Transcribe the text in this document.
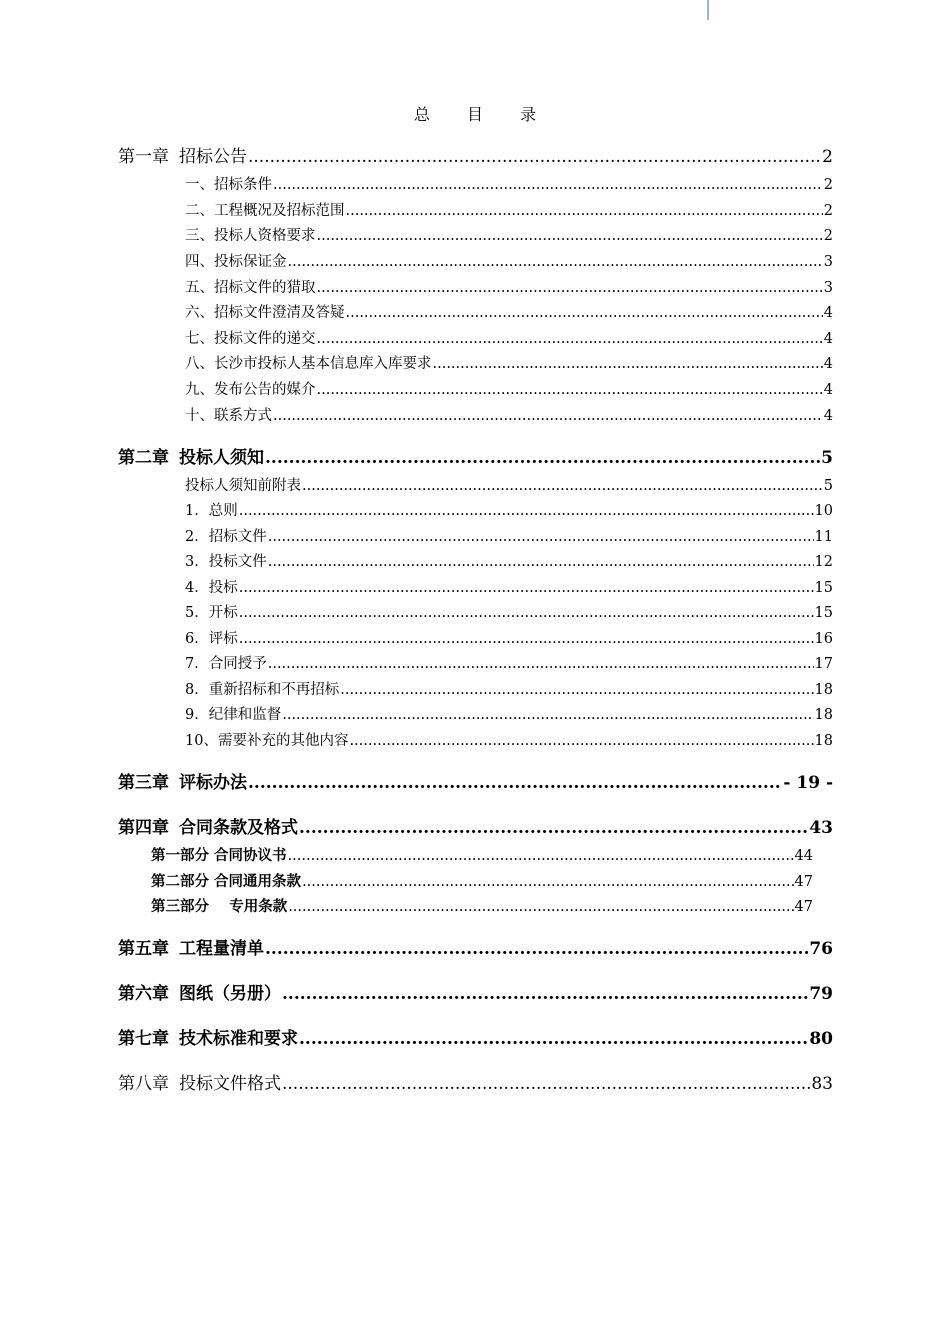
总 目 录
第一章 招标公告 .....	2
一、招标条件 .....	2
二、工程概况及招标范围 .....	2
三、投标人资格要求 .....	2
四、投标保证金 .....	3
五、招标文件的猎取 .....	3
六、招标文件澄清及答疑 .....	4
七、投标文件的递交 .....	4
八、长沙市投标人基本信息库入库要求 .....	4
九、发布公告的媒介 .....	4
十、联系方式 .....	4
第二章 投标人须知 .....	5
投标人须知前附表 .....	5
1．总则 .....	10
2．招标文件 .....	11
3．投标文件 .....	12
4．投标 .....	15
5．开标 .....	15
6．评标 .....	16
7．合同授予 .....	17
8．重新招标和不再招标 .....	18
9．纪律和监督 .....	18
10、需要补充的其他内容 .....	18
第三章 评标办法 .....	- 19 -
第四章 合同条款及格式 .....	43
第一部分 合同协议书 .....	44
第二部分 合同通用条款 .....	47
第三部分    专用条款 .....	47
第五章 工程量清单 .....	76
第六章 图纸（另册） .....	79
第七章 技术标准和要求 .....	80
第八章 投标文件格式 .....	83
